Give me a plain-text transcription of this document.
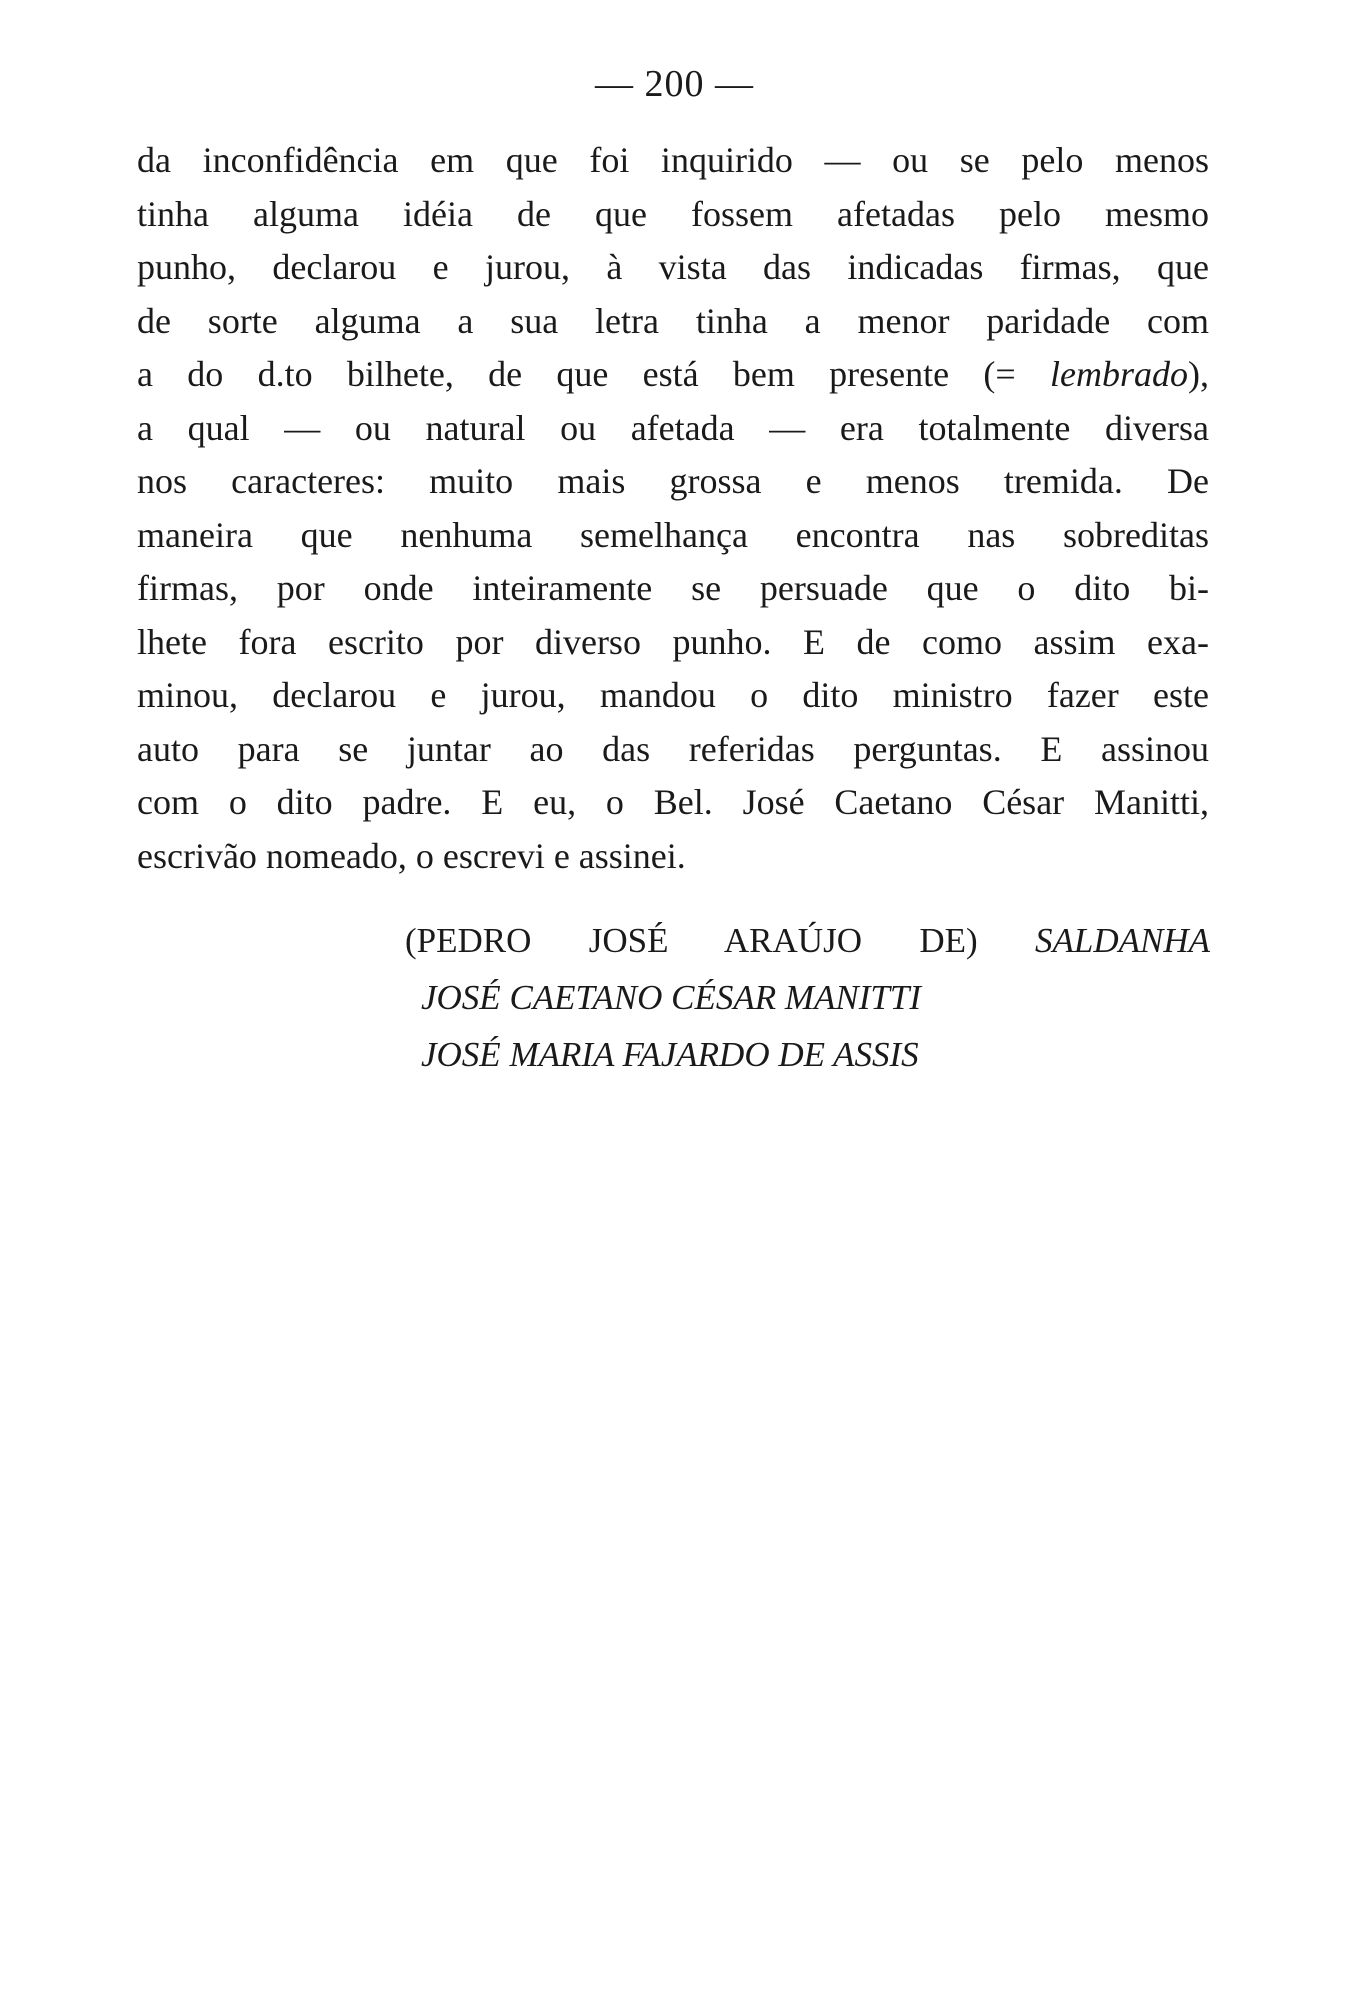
— 200 —
da inconfidência em que foi inquirido — ou se pelo menos
tinha alguma idéia de que fossem afetadas pelo mesmo
punho, declarou e jurou, à vista das indicadas firmas, que
de sorte alguma a sua letra tinha a menor paridade com
a do d.to bilhete, de que está bem presente (= lembrado),
a qual — ou natural ou afetada — era totalmente diversa
nos caracteres: muito mais grossa e menos tremida. De
maneira que nenhuma semelhança encontra nas sobreditas
firmas, por onde inteiramente se persuade que o dito bi-
lhete fora escrito por diverso punho. E de como assim exa-
minou, declarou e jurou, mandou o dito ministro fazer este
auto para se juntar ao das referidas perguntas. E assinou
com o dito padre. E eu, o Bel. José Caetano César Manitti,
escrivão nomeado, o escrevi e assinei.
(PEDRO JOSÉ ARAÚJO DE) SALDANHA
JOSÉ CAETANO CÉSAR MANITTI
JOSÉ MARIA FAJARDO DE ASSIS
